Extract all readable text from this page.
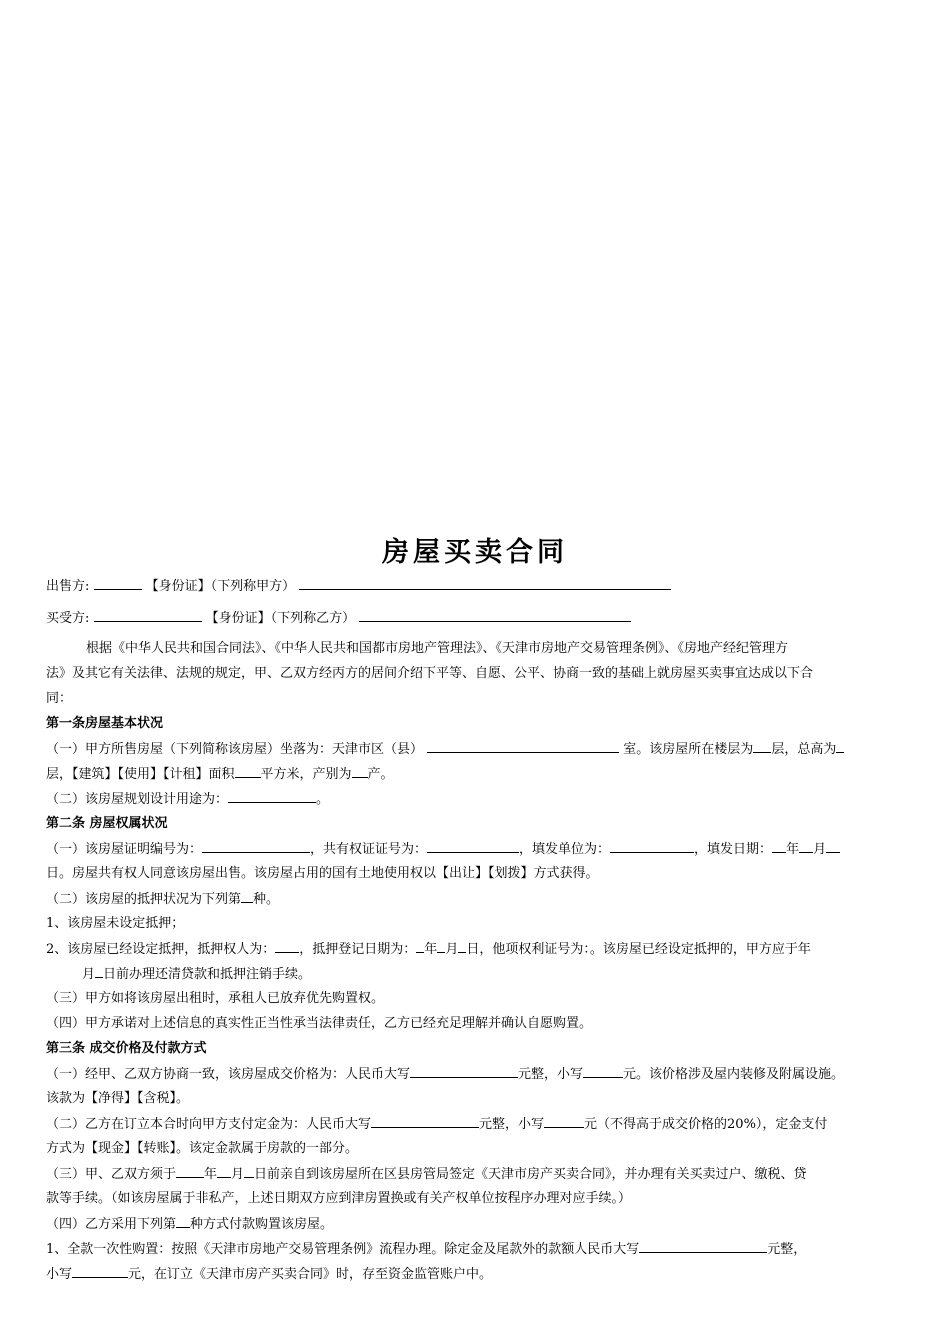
房屋买卖合同
出售方:	【身份证】（下列称甲方）
买受方:	【身份证】（下列称乙方）
根据《中华人民共和国合同法》、《中华人民共和国都市房地产管理法》、《天津市房地产交易管理条例》、《房地产经纪管理方
法》及其它有关法律、法规的规定，甲、乙双方经丙方的居间介绍下平等、自愿、公平、协商一致的基础上就房屋买卖事宜达成以下合
同：
第一条房屋基本状况
（一）甲方所售房屋（下列简称该房屋）坐落为：天津市区（县）	室。该房屋所在楼层为 层，总高为
层，【建筑】【使用】【计租】面积 平方米，产别为 产。
（二）该房屋规划设计用途为：	。
第二条 房屋权属状况
（一）该房屋证明编号为：	，共有权证证号为：	，填发单位为：	，填发日期： 年 月
日。房屋共有权人同意该房屋出售。该房屋占用的国有土地使用权以【出让】【划拨】方式获得。
（二）该房屋的抵押状况为下列第 种。
1、该房屋未设定抵押；
2、该房屋已经设定抵押，抵押权人为： ，抵押登记日期为： 年 月 日，他项权利证号为：。该房屋已经设定抵押的，甲方应于年
月 日前办理还清贷款和抵押注销手续。
（三）甲方如将该房屋出租时，承租人已放弃优先购置权。
（四）甲方承诺对上述信息的真实性正当性承当法律责任，乙方已经充足理解并确认自愿购置。
第三条 成交价格及付款方式
（一）经甲、乙双方协商一致，该房屋成交价格为：人民币大写	元整，小写	元。该价格涉及屋内装修及附属设施。
该款为【净得】【含税】。
（二）乙方在订立本合时向甲方支付定金为：人民币大写	元整，小写	元（不得高于成交价格的20%），定金支付
方式为【现金】【转账】。该定金款属于房款的一部分。
（三）甲、乙双方须于 年 月 日前亲自到该房屋所在区县房管局签定《天津市房产买卖合同》，并办理有关买卖过户、缴税、贷
款等手续。（如该房屋属于非私产，上述日期双方应到津房置换或有关产权单位按程序办理对应手续。）
（四）乙方采用下列第 种方式付款购置该房屋。
1、全款一次性购置：按照《天津市房地产交易管理条例》流程办理。除定金及尾款外的款额人民币大写	元整，
小写	元，在订立《天津市房产买卖合同》时，存至资金监管账户中。
